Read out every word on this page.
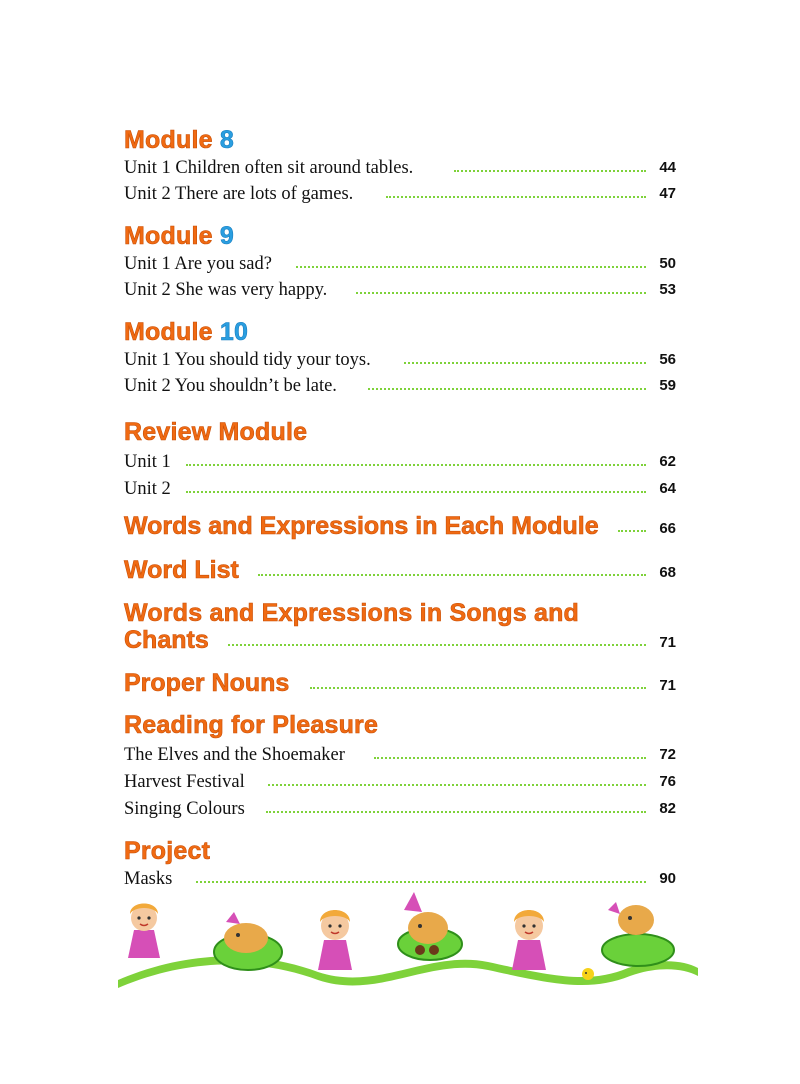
Module 8
Unit 1 Children often sit around tables.	44
Unit 2 There are lots of games.	47
Module 9
Unit 1 Are you sad?	50
Unit 2 She was very happy.	53
Module 10
Unit 1 You should tidy your toys.	56
Unit 2 You shouldn’t be late.	59
Review Module
Unit 1	62
Unit 2	64
Words and Expressions in Each Module	66
Word List	68
Words and Expressions in Songs and
Chants	71
Proper Nouns	71
Reading for Pleasure
The Elves and the Shoemaker	72
Harvest Festival	76
Singing Colours	82
Project
Masks	90
